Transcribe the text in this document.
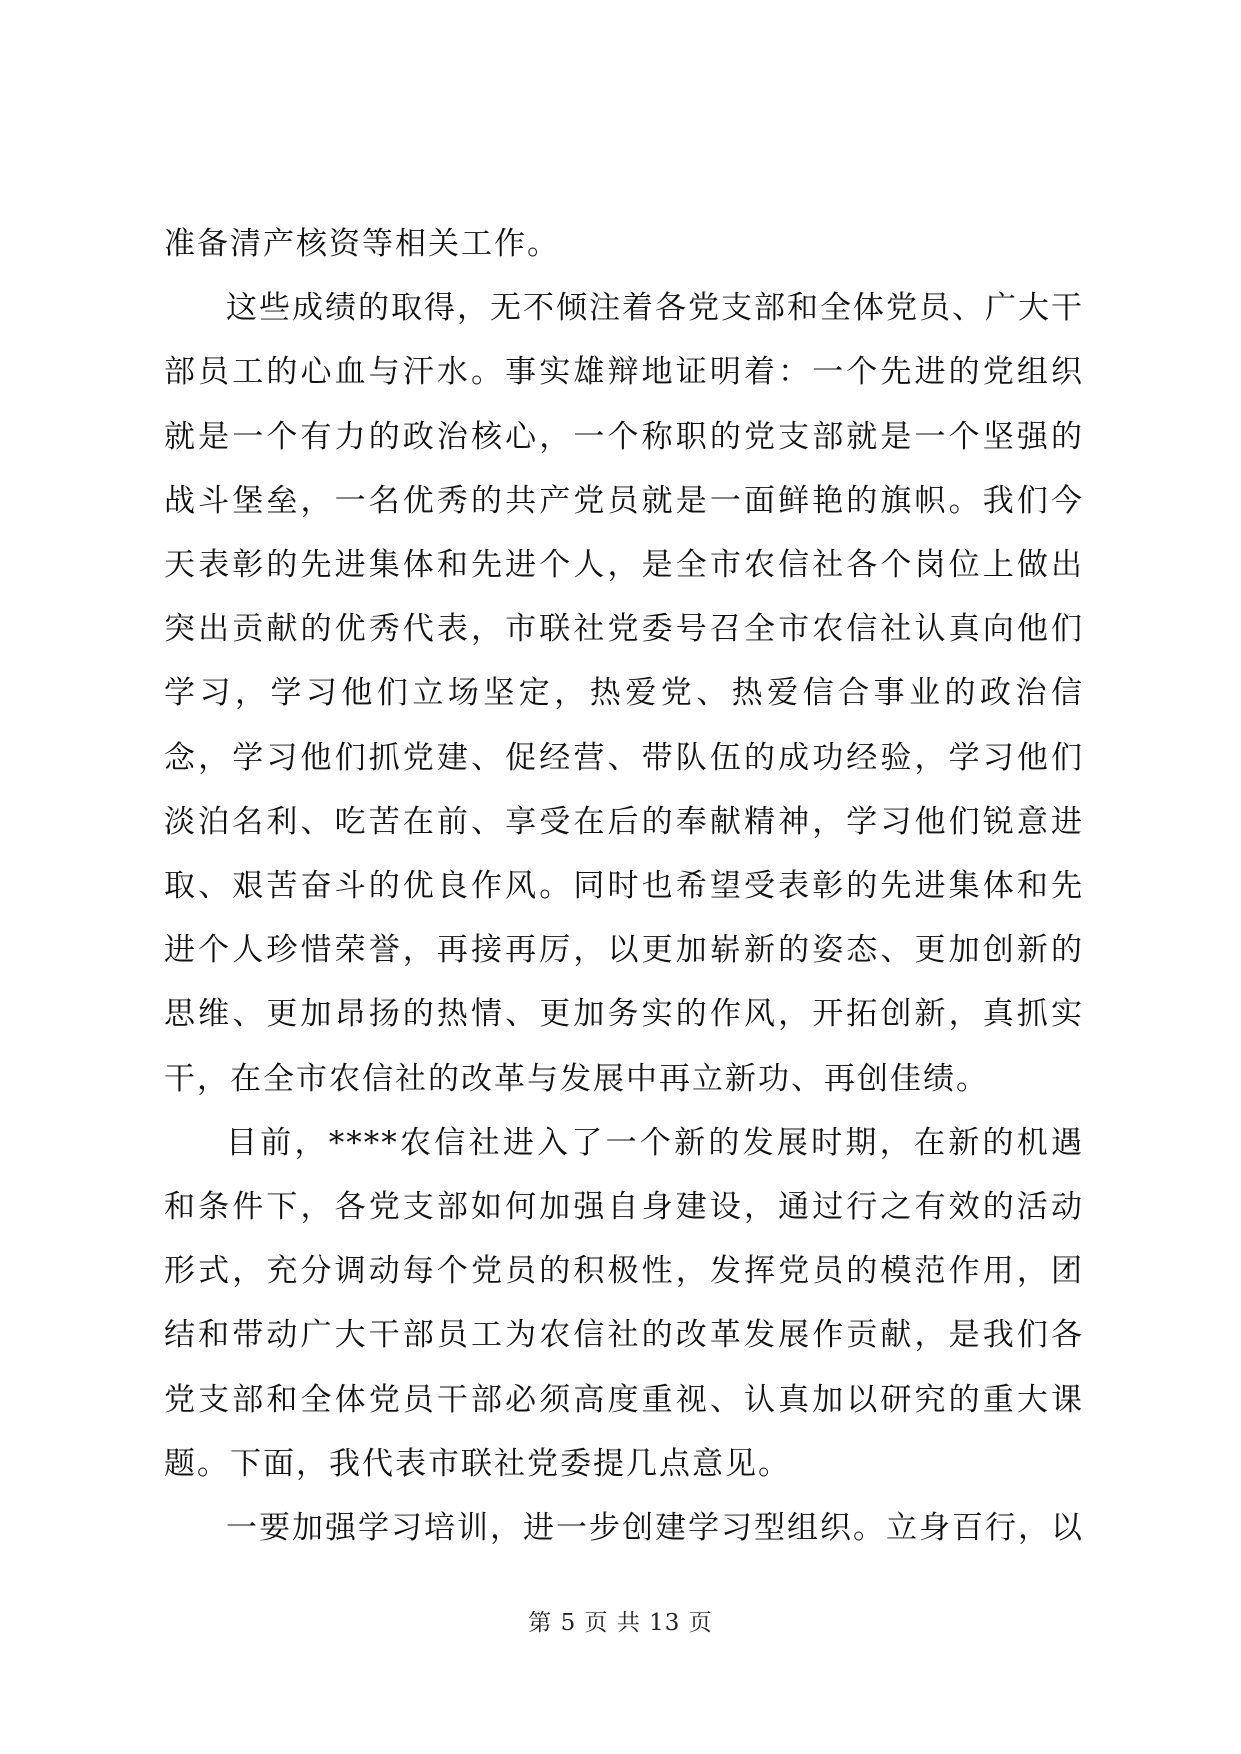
准备清产核资等相关工作。

这些成绩的取得，无不倾注着各党支部和全体党员、广大干部员工的心血与汗水。事实雄辩地证明着：一个先进的党组织就是一个有力的政治核心，一个称职的党支部就是一个坚强的战斗堡垒，一名优秀的共产党员就是一面鲜艳的旗帜。我们今天表彰的先进集体和先进个人，是全市农信社各个岗位上做出突出贡献的优秀代表，市联社党委号召全市农信社认真向他们学习，学习他们立场坚定，热爱党、热爱信合事业的政治信念，学习他们抓党建、促经营、带队伍的成功经验，学习他们淡泊名利、吃苦在前、享受在后的奉献精神，学习他们锐意进取、艰苦奋斗的优良作风。同时也希望受表彰的先进集体和先进个人珍惜荣誉，再接再厉，以更加崭新的姿态、更加创新的思维、更加昂扬的热情、更加务实的作风，开拓创新，真抓实干，在全市农信社的改革与发展中再立新功、再创佳绩。

目前，****农信社进入了一个新的发展时期，在新的机遇和条件下，各党支部如何加强自身建设，通过行之有效的活动形式，充分调动每个党员的积极性，发挥党员的模范作用，团结和带动广大干部员工为农信社的改革发展作贡献，是我们各党支部和全体党员干部必须高度重视、认真加以研究的重大课题。下面，我代表市联社党委提几点意见。

一要加强学习培训，进一步创建学习型组织。立身百行，以

第 5 页 共 13 页
